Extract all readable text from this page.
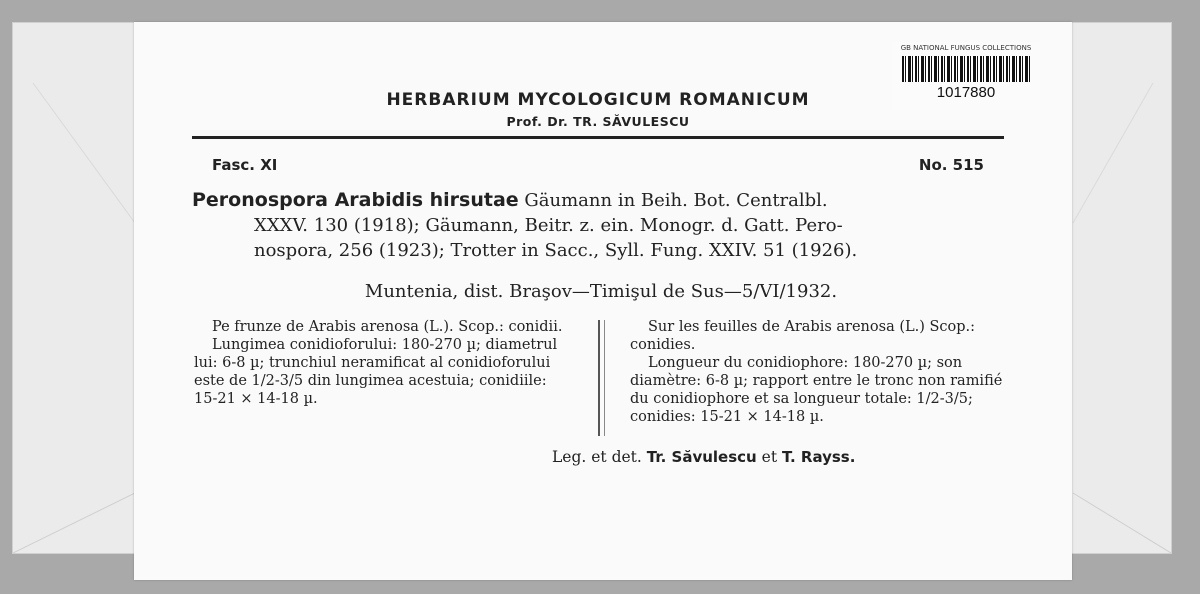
GB NATIONAL FUNGUS COLLECTIONS
1017880
HERBARIUM MYCOLOGICUM ROMANICUM
Prof. Dr. TR. SĂVULESCU
Fasc. XI	No. 515
Peronospora Arabidis hirsutae Gäumann in Beih. Bot. Centralbl.
XXXV. 130 (1918); Gäumann, Beitr. z. ein. Monogr. d. Gatt. Pero-
nospora, 256 (1923); Trotter in Sacc., Syll. Fung. XXIV. 51 (1926).
Muntenia, dist. Braşov—Timişul de Sus—5/VI/1932.

Pe frunze de Arabis arenosa (L.). Scop.: conidii.

Lungimea conidioforului: 180-270 µ; diametrul lui: 6-8 µ; trunchiul neramificat al conidioforului este de 1/2-3/5 din lungimea acestuia; conidiile: 15-21 × 14-18 µ.

Sur les feuilles de Arabis arenosa (L.) Scop.: conidies.

Longueur du conidiophore: 180-270 µ; son diamètre: 6-8 µ; rapport entre le tronc non ramifié du conidiophore et sa longueur totale: 1/2-3/5; conidies: 15-21 × 14-18 µ.

Leg. et det. Tr. Săvulescu et T. Rayss.
